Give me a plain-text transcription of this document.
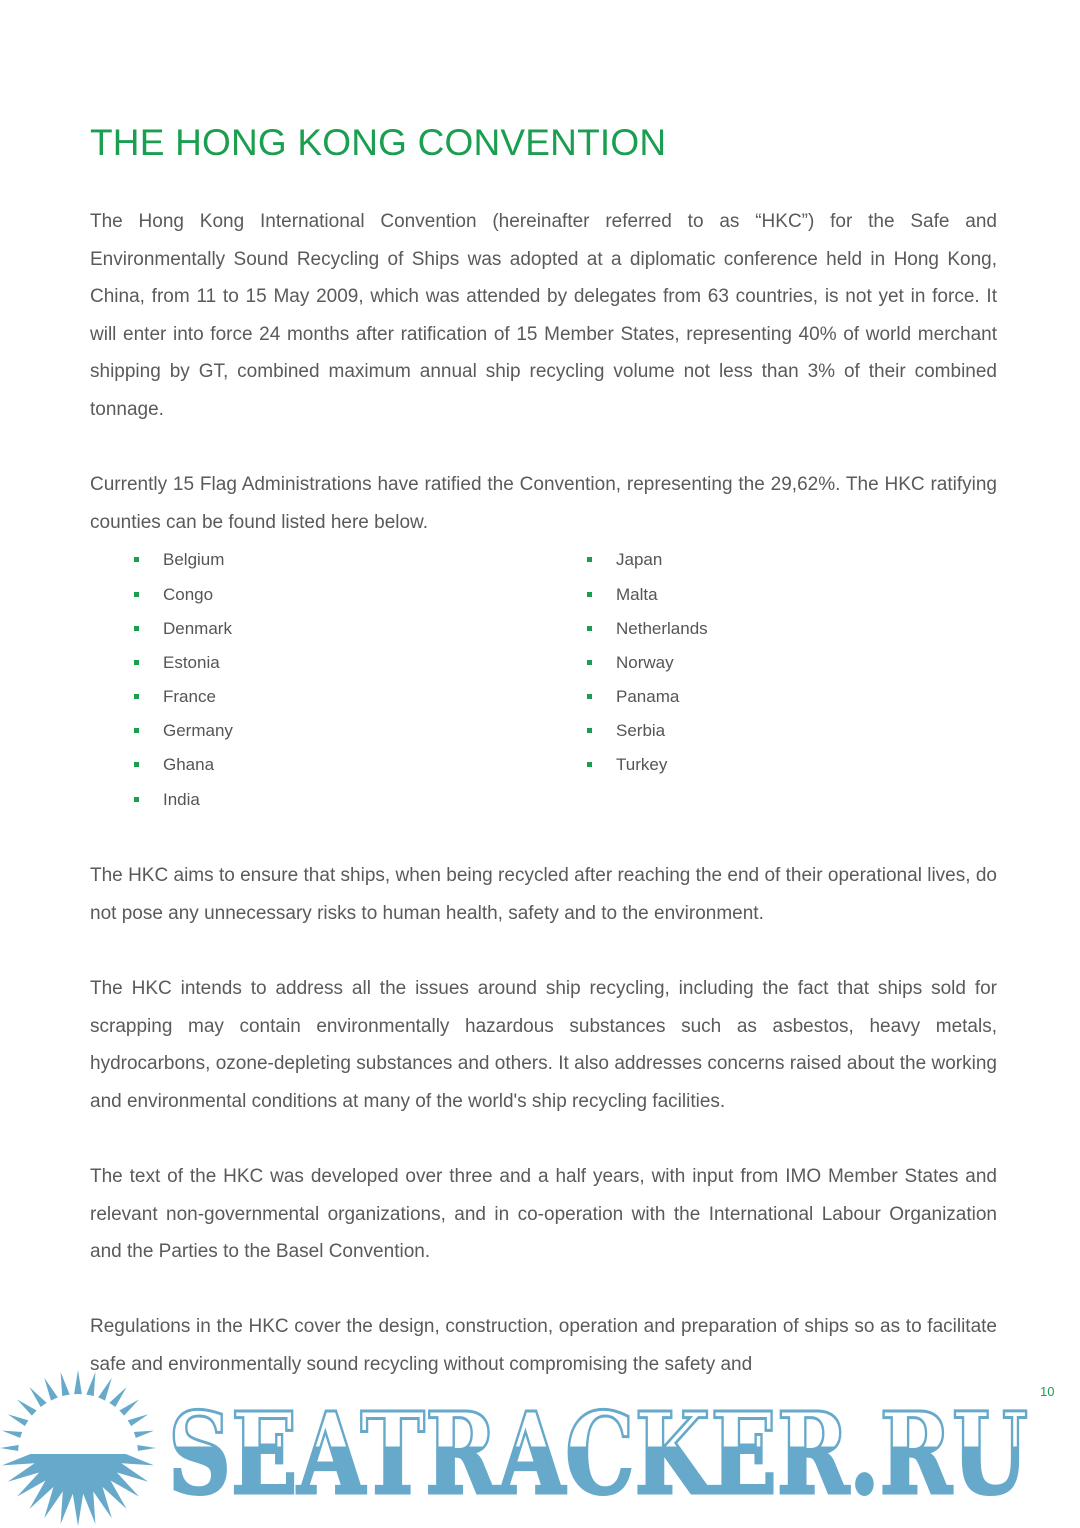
THE HONG KONG CONVENTION

The Hong Kong International Convention (hereinafter referred to as “HKC”) for the Safe and Environmentally Sound Recycling of Ships was adopted at a diplomatic conference held in Hong Kong, China, from 11 to 15 May 2009, which was attended by delegates from 63 countries, is not yet in force. It will enter into force 24 months after ratification of 15 Member States, representing 40% of world merchant shipping by GT, combined maximum annual ship recycling volume not less than 3% of their combined tonnage.

Currently 15 Flag Administrations have ratified the Convention, representing the 29,62%. The HKC ratifying counties can be found listed here below.

Belgium
Congo
Denmark
Estonia
France
Germany
Ghana
India
Japan
Malta
Netherlands
Norway
Panama
Serbia
Turkey

The HKC aims to ensure that ships, when being recycled after reaching the end of their operational lives, do not pose any unnecessary risks to human health, safety and to the environment.

The HKC intends to address all the issues around ship recycling, including the fact that ships sold for scrapping may contain environmentally hazardous substances such as asbestos, heavy metals, hydrocarbons, ozone-depleting substances and others. It also addresses concerns raised about the working and environmental conditions at many of the world's ship recycling facilities.

The text of the HKC was developed over three and a half years, with input from IMO Member States and relevant non-governmental organizations, and in co-operation with the International Labour Organization and the Parties to the Basel Convention.

Regulations in the HKC cover the design, construction, operation and preparation of ships so as to facilitate safe and environmentally sound recycling without compromising the safety and

10
SEATRACKER.RU
